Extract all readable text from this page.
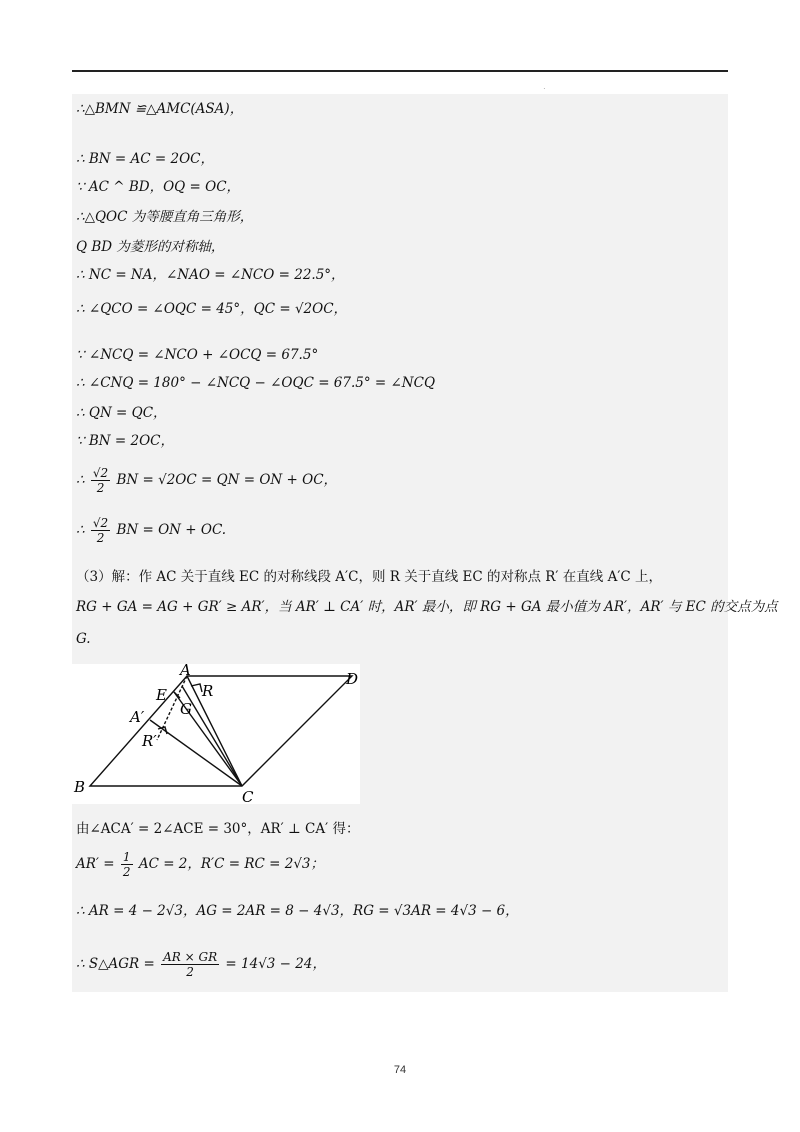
·
∴△BMN ≌△AMC(ASA)，
∴ BN = AC = 2OC，
∵ AC ^ BD，OQ = OC，
∴△QOC 为等腰直角三角形，
Q BD 为菱形的对称轴，
∴ NC = NA，∠NAO = ∠NCO = 22.5°，
∴ ∠QCO = ∠OQC = 45°，QC = √2OC，
∵ ∠NCQ = ∠NCO + ∠OCQ = 67.5°
∴ ∠CNQ = 180° − ∠NCQ − ∠OQC = 67.5° = ∠NCQ
∴ QN = QC，
∵ BN = 2OC，
∴ $\frac{√2}{2}$ BN = √2OC = QN = ON + OC，
∴ $\frac{√2}{2}$ BN = ON + OC.
（3）解：作 AC 关于直线 EC 的对称线段 A′C，则 R 关于直线 EC 的对称点 R′ 在直线 A′C 上，
RG + GA = AG + GR′ ≥ AR′，当 AR′ ⊥ CA′ 时，AR′ 最小，即 RG + GA 最小值为 AR′，AR′ 与 EC 的交点为点
G.
A	D
E R
G
A′
R′
B
C
由∠ACA′ = 2∠ACE = 30°，AR′ ⊥ CA′ 得：
$AR' = \frac{1}{2}$ AC = 2，R′C = RC = 2√3；
∴ AR = 4 − 2√3，AG = 2AR = 8 − 4√3，RG = √3AR = 4√3 − 6，
∴ S△AGR = $\frac{AR \times GR}{2} = 14√3 - 24$，
74
